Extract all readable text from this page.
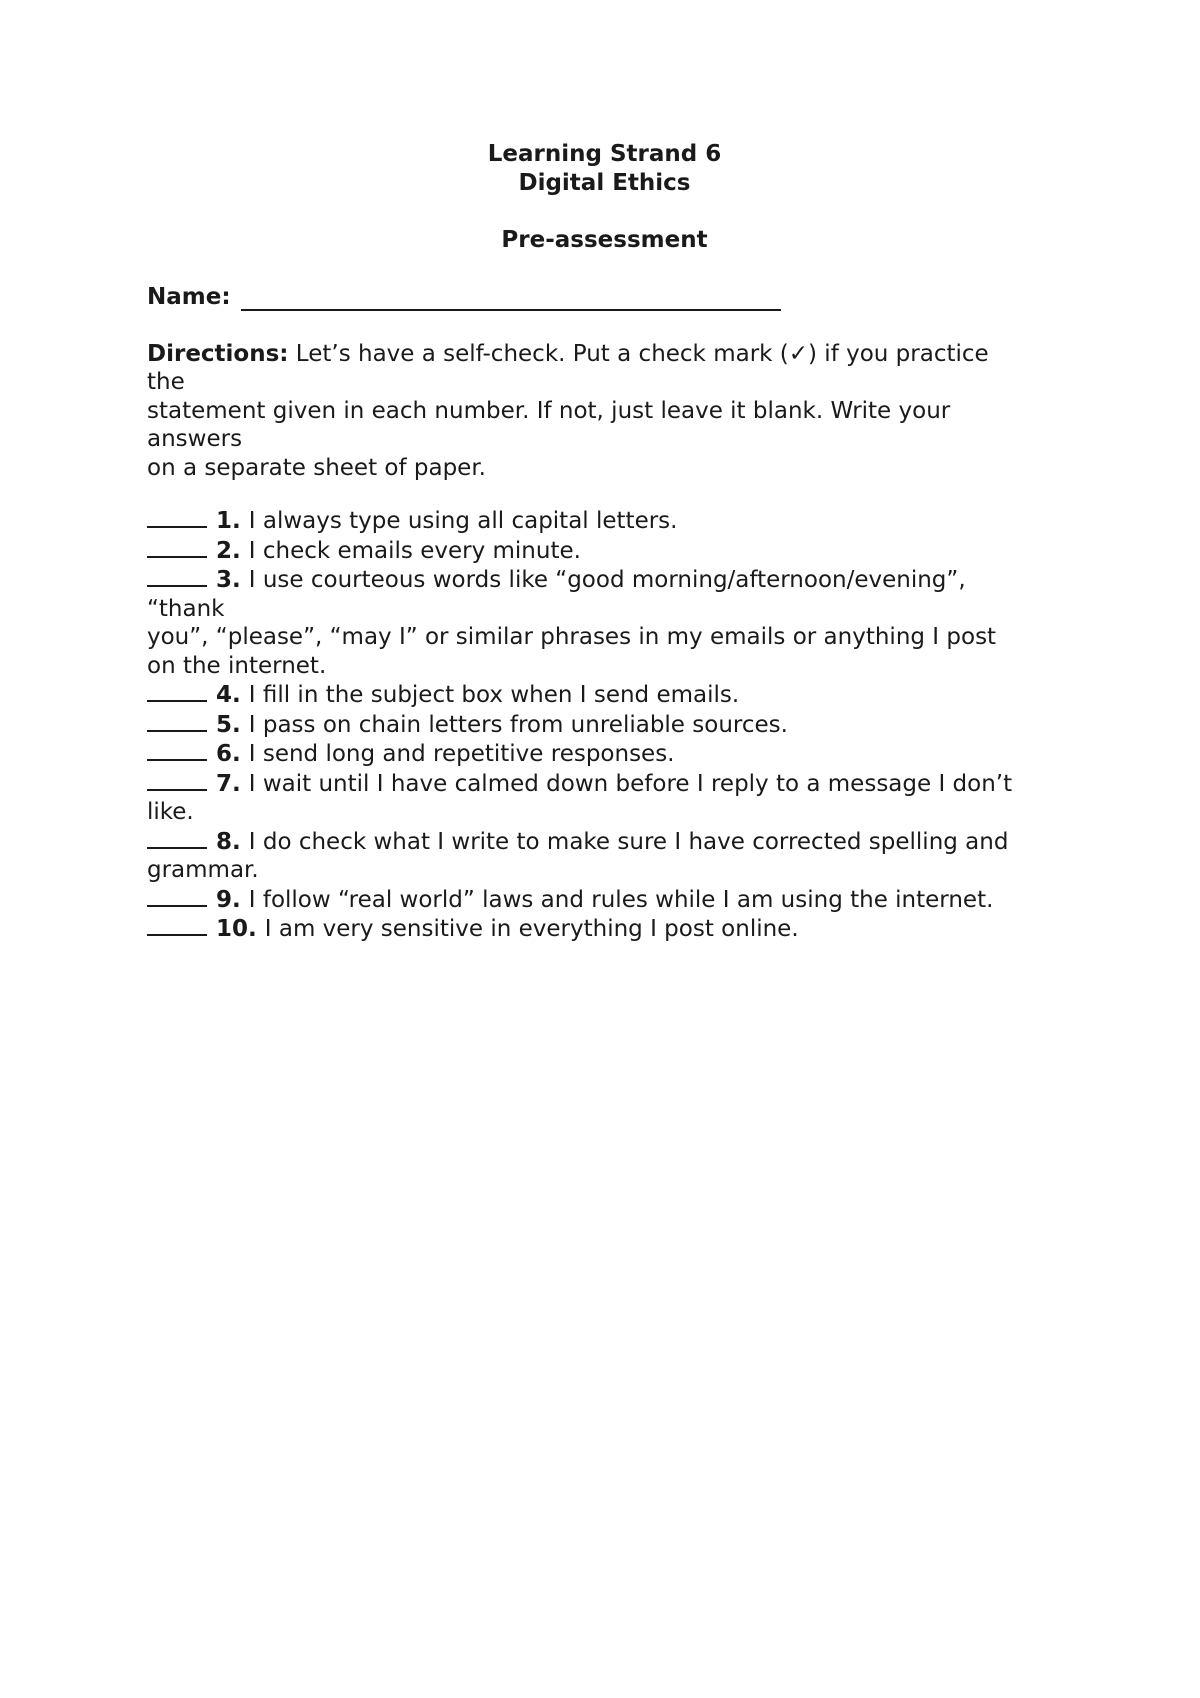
Learning Strand 6
Digital Ethics
Pre-assessment
Name:
Directions: Let’s have a self-check. Put a check mark (✓) if you practice
the
statement given in each number. If not, just leave it blank. Write your
answers
on a separate sheet of paper.
1. I always type using all capital letters.
2. I check emails every minute.
3. I use courteous words like “good morning/afternoon/evening”,
“thank
you”, “please”, “may I” or similar phrases in my emails or anything I post
on the internet.
4. I fill in the subject box when I send emails.
5. I pass on chain letters from unreliable sources.
6. I send long and repetitive responses.
7. I wait until I have calmed down before I reply to a message I don’t
like.
8. I do check what I write to make sure I have corrected spelling and
grammar.
9. I follow “real world” laws and rules while I am using the internet.
10. I am very sensitive in everything I post online.
